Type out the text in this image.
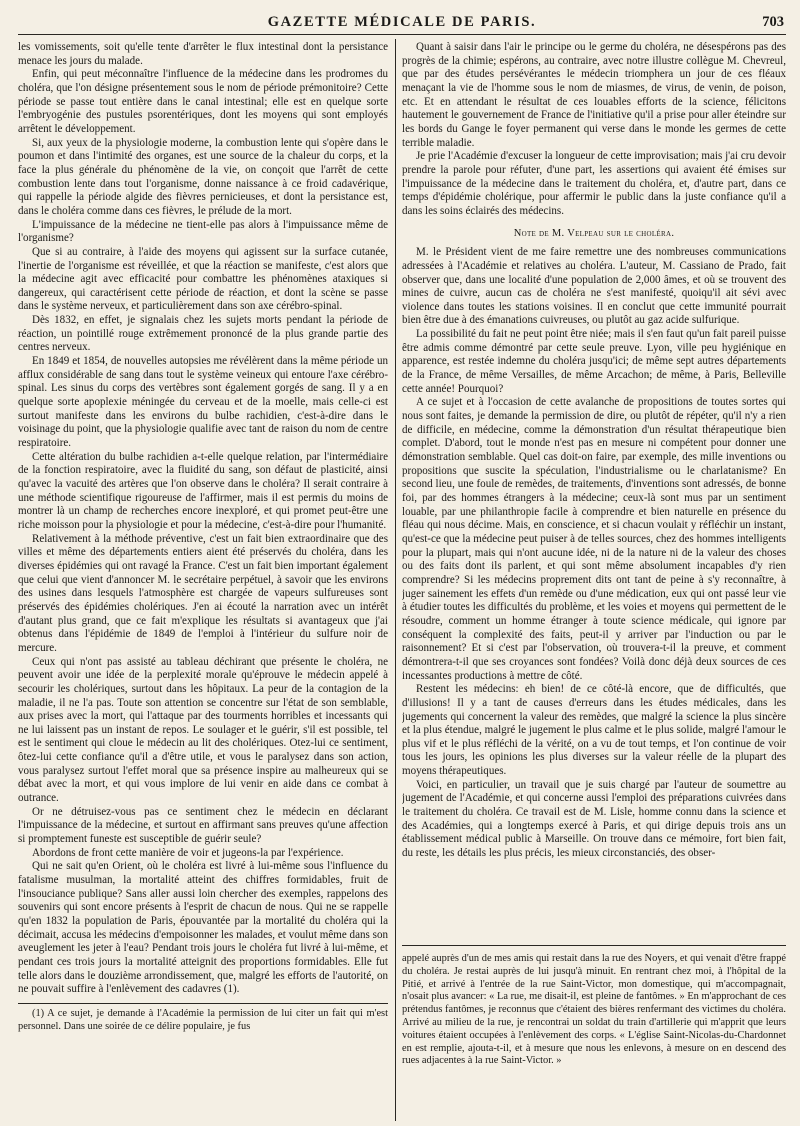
GAZETTE MÉDICALE DE PARIS.	703

les vomissements, soit qu'elle tente d'arrêter le flux intestinal dont la persistance menace les jours du malade.

Enfin, qui peut méconnaître l'influence de la médecine dans les prodromes du choléra, que l'on désigne présentement sous le nom de période prémonitoire? Cette période se passe tout entière dans le canal intestinal; elle est en quelque sorte l'embryogénie des pustules psorentériques, dont les moyens qui sont employés arrêtent le développement.

Si, aux yeux de la physiologie moderne, la combustion lente qui s'opère dans le poumon et dans l'intimité des organes, est une source de la chaleur du corps, et la face la plus générale du phénomène de la vie, on conçoit que l'arrêt de cette combustion lente dans tout l'organisme, donne naissance à ce froid cadavérique, qui rappelle la période algide des fièvres pernicieuses, et dont la persistance est, dans le choléra comme dans ces fièvres, le prélude de la mort.

L'impuissance de la médecine ne tient-elle pas alors à l'impuissance même de l'organisme?

Que si au contraire, à l'aide des moyens qui agissent sur la surface cutanée, l'inertie de l'organisme est réveillée, et que la réaction se manifeste, c'est alors que la médecine agit avec efficacité pour combattre les phénomènes ataxiques si dangereux, qui caractérisent cette période de réaction, et dont la scène se passe dans le système nerveux, et particulièrement dans son axe cérébro-spinal.

Dès 1832, en effet, je signalais chez les sujets morts pendant la période de réaction, un pointillé rouge extrêmement prononcé de la plus grande partie des centres nerveux.

En 1849 et 1854, de nouvelles autopsies me révélèrent dans la même période un afflux considérable de sang dans tout le système veineux qui entoure l'axe cérébro-spinal. Les sinus du corps des vertèbres sont également gorgés de sang. Il y a en quelque sorte apoplexie méningée du cerveau et de la moelle, mais celle-ci est surtout manifeste dans les environs du bulbe rachidien, c'est-à-dire dans le voisinage du point, que la physiologie qualifie avec tant de raison du nom de centre respiratoire.

Cette altération du bulbe rachidien a-t-elle quelque relation, par l'intermédiaire de la fonction respiratoire, avec la fluidité du sang, son défaut de plasticité, ainsi qu'avec la vacuité des artères que l'on observe dans le choléra? Il serait contraire à une méthode scientifique rigoureuse de l'affirmer, mais il est permis du moins de montrer là un champ de recherches encore inexploré, et qui promet peut-être une riche moisson pour la physiologie et pour la médecine, c'est-à-dire pour l'humanité.

Relativement à la méthode préventive, c'est un fait bien extraordinaire que des villes et même des départements entiers aient été préservés du choléra, dans les diverses épidémies qui ont ravagé la France. C'est un fait bien important également que celui que vient d'annoncer M. le secrétaire perpétuel, à savoir que les environs des usines dans lesquels l'atmosphère est chargée de vapeurs sulfureuses sont préservés des épidémies cholériques. J'en ai écouté la narration avec un intérêt d'autant plus grand, que ce fait m'explique les résultats si avantageux que j'ai obtenus dans l'épidémie de 1849 de l'emploi à l'intérieur du sulfure noir de mercure.

Ceux qui n'ont pas assisté au tableau déchirant que présente le choléra, ne peuvent avoir une idée de la perplexité morale qu'éprouve le médecin appelé à secourir les cholériques, surtout dans les hôpitaux. La peur de la contagion de la maladie, il ne l'a pas. Toute son attention se concentre sur l'état de son semblable, aux prises avec la mort, qui l'attaque par des tourments horribles et incessants qui ne lui laissent pas un instant de repos. Le soulager et le guérir, s'il est possible, tel est le sentiment qui cloue le médecin au lit des cholériques. Otez-lui ce sentiment, ôtez-lui cette confiance qu'il a d'être utile, et vous le paralysez dans son action, vous paralysez surtout l'effet moral que sa présence inspire au malheureux qui se débat avec la mort, et qui vous implore de lui venir en aide dans ce combat à outrance.

Or ne détruisez-vous pas ce sentiment chez le médecin en déclarant l'impuissance de la médecine, et surtout en affirmant sans preuves qu'une affection si promptement funeste est susceptible de guérir seule?

Abordons de front cette manière de voir et jugeons-la par l'expérience.

Qui ne sait qu'en Orient, où le choléra est livré à lui-même sous l'influence du fatalisme musulman, la mortalité atteint des chiffres formidables, fruit de l'insouciance publique? Sans aller aussi loin chercher des exemples, rappelons des souvenirs qui sont encore présents à l'esprit de chacun de nous. Qui ne se rappelle qu'en 1832 la population de Paris, épouvantée par la mortalité du choléra qui la décimait, accusa les médecins d'empoisonner les malades, et voulut même dans son aveuglement les jeter à l'eau? Pendant trois jours le choléra fut livré à lui-même, et pendant ces trois jours la mortalité atteignit des proportions formidables. Elle fut telle alors dans le douzième arrondissement, que, malgré les efforts de l'autorité, on ne pouvait suffire à l'enlèvement des cadavres (1).

(1) A ce sujet, je demande à l'Académie la permission de lui citer un fait qui m'est personnel. Dans une soirée de ce délire populaire, je fus

Quant à saisir dans l'air le principe ou le germe du choléra, ne désespérons pas des progrès de la chimie; espérons, au contraire, avec notre illustre collègue M. Chevreul, que par des études persévérantes le médecin triomphera un jour de ces fléaux menaçant la vie de l'homme sous le nom de miasmes, de virus, de venin, de poison, etc. Et en attendant le résultat de ces louables efforts de la science, félicitons hautement le gouvernement de France de l'initiative qu'il a prise pour aller éteindre sur les bords du Gange le foyer permanent qui verse dans le monde les germes de cette terrible maladie.

Je prie l'Académie d'excuser la longueur de cette improvisation; mais j'ai cru devoir prendre la parole pour réfuter, d'une part, les assertions qui avaient été émises sur l'impuissance de la médecine dans le traitement du choléra, et, d'autre part, dans ce temps d'épidémie cholérique, pour affermir le public dans la juste confiance qu'il a dans les soins éclairés des médecins.

Note de M. Velpeau sur le choléra.

M. le Président vient de me faire remettre une des nombreuses communications adressées à l'Académie et relatives au choléra. L'auteur, M. Cassiano de Prado, fait observer que, dans une localité d'une population de 2,000 âmes, et où se trouvent des mines de cuivre, aucun cas de choléra ne s'est manifesté, quoiqu'il ait sévi avec violence dans toutes les stations voisines. Il en conclut que cette immunité pourrait bien être due à des émanations cuivreuses, ou plutôt au gaz acide sulfurique.

La possibilité du fait ne peut point être niée; mais il s'en faut qu'un fait pareil puisse être admis comme démontré par cette seule preuve. Lyon, ville peu hygiénique en apparence, est restée indemne du choléra jusqu'ici; de même sept autres départements de la France, de même Versailles, de même Arcachon; de même, à Paris, Belleville cette année! Pourquoi?

A ce sujet et à l'occasion de cette avalanche de propositions de toutes sortes qui nous sont faites, je demande la permission de dire, ou plutôt de répéter, qu'il n'y a rien de difficile, en médecine, comme la démonstration d'un résultat thérapeutique bien complet. D'abord, tout le monde n'est pas en mesure ni compétent pour donner une démonstration semblable. Quel cas doit-on faire, par exemple, des mille inventions ou propositions que suscite la spéculation, l'industrialisme ou le charlatanisme? En second lieu, une foule de remèdes, de traitements, d'inventions sont adressés, de bonne foi, par des hommes étrangers à la médecine; ceux-là sont mus par un sentiment louable, par une philanthropie facile à comprendre et bien naturelle en présence du fléau qui nous décime. Mais, en conscience, et si chacun voulait y réfléchir un instant, qu'est-ce que la médecine peut puiser à de telles sources, chez des hommes intelligents pour la plupart, mais qui n'ont aucune idée, ni de la nature ni de la valeur des choses ou des faits dont ils parlent, et qui sont même absolument incapables d'y rien comprendre? Si les médecins proprement dits ont tant de peine à s'y reconnaître, à juger sainement les effets d'un remède ou d'une médication, eux qui ont passé leur vie à étudier toutes les difficultés du problème, et les voies et moyens qui permettent de le résoudre, comment un homme étranger à toute science médicale, qui ignore par conséquent la complexité des faits, peut-il y arriver par l'induction ou par le raisonnement? Et si c'est par l'observation, où trouvera-t-il la preuve, et comment démontrera-t-il que ses croyances sont fondées? Voilà donc déjà deux sources de ces incessantes productions à mettre de côté.

Restent les médecins: eh bien! de ce côté-là encore, que de difficultés, que d'illusions! Il y a tant de causes d'erreurs dans les études médicales, dans les jugements qui concernent la valeur des remèdes, que malgré la science la plus sincère et la plus étendue, malgré le jugement le plus calme et le plus solide, malgré l'amour le plus vif et le plus réfléchi de la vérité, on a vu de tout temps, et l'on continue de voir tous les jours, les opinions les plus diverses sur la valeur réelle de la plupart des moyens thérapeutiques.

Voici, en particulier, un travail que je suis chargé par l'auteur de soumettre au jugement de l'Académie, et qui concerne aussi l'emploi des préparations cuivrées dans le traitement du choléra. Ce travail est de M. Lisle, homme connu dans la science et des Académies, qui a longtemps exercé à Paris, et qui dirige depuis trois ans un établissement médical public à Marseille. On trouve dans ce mémoire, fort bien fait, du reste, les détails les plus précis, les mieux circonstanciés, des obser-

appelé auprès d'un de mes amis qui restait dans la rue des Noyers, et qui venait d'être frappé du choléra. Je restai auprès de lui jusqu'à minuit. En rentrant chez moi, à l'hôpital de la Pitié, et arrivé à l'entrée de la rue Saint-Victor, mon domestique, qui m'accompagnait, n'osait plus avancer: « La rue, me disait-il, est pleine de fantômes. » En m'approchant de ces prétendus fantômes, je reconnus que c'étaient des bières renfermant des victimes du choléra. Arrivé au milieu de la rue, je rencontrai un soldat du train d'artillerie qui m'apprit que leurs voitures étaient occupées à l'enlèvement des corps. « L'église Saint-Nicolas-du-Chardonnet en est remplie, ajouta-t-il, et à mesure que nous les enlevons, à mesure on en descend des rues adjacentes à la rue Saint-Victor. »
